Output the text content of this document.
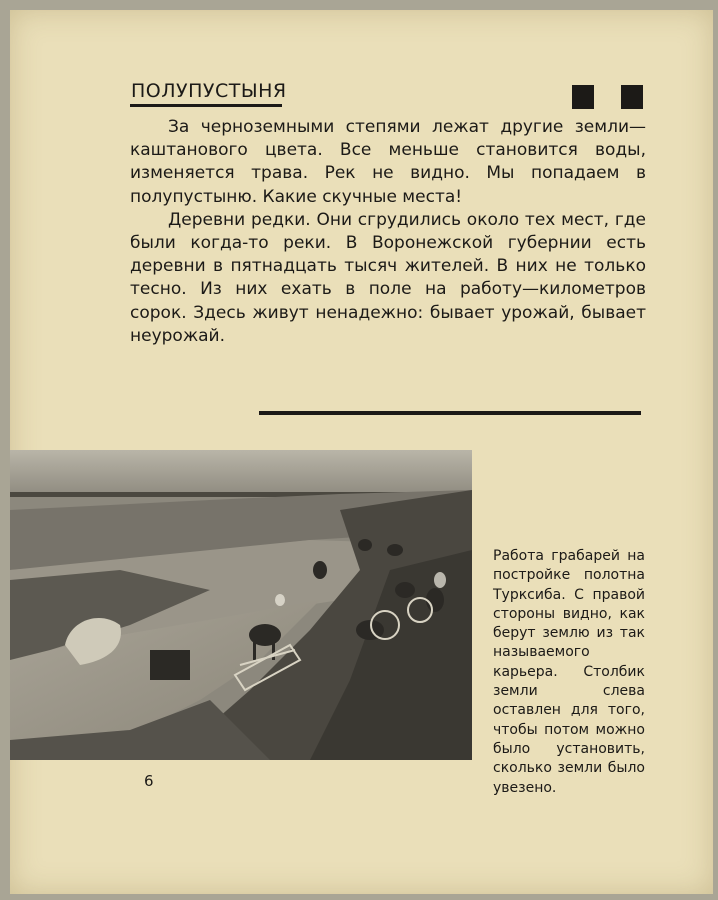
ПОЛУПУСТЫНЯ

За черноземными степями лежат другие земли—каштанового цвета. Все меньше становится воды, изменяется трава. Рек не видно. Мы попадаем в полупустыню. Какие скучные места!

Деревни редки. Они сгрудились около тех мест, где были когда-то реки. В Воронежской губернии есть деревни в пятнадцать тысяч жителей. В них не только тесно. Из них ехать в поле на работу—километров сорок. Здесь живут ненадежно: бывает урожай, бывает неурожай.

Работа грабарей на постройке полотна Турксиба. С правой стороны видно, как берут землю из так называемого карьера. Столбик земли слева оставлен для того, чтобы потом можно было установить, сколько земли было увезено.
6
